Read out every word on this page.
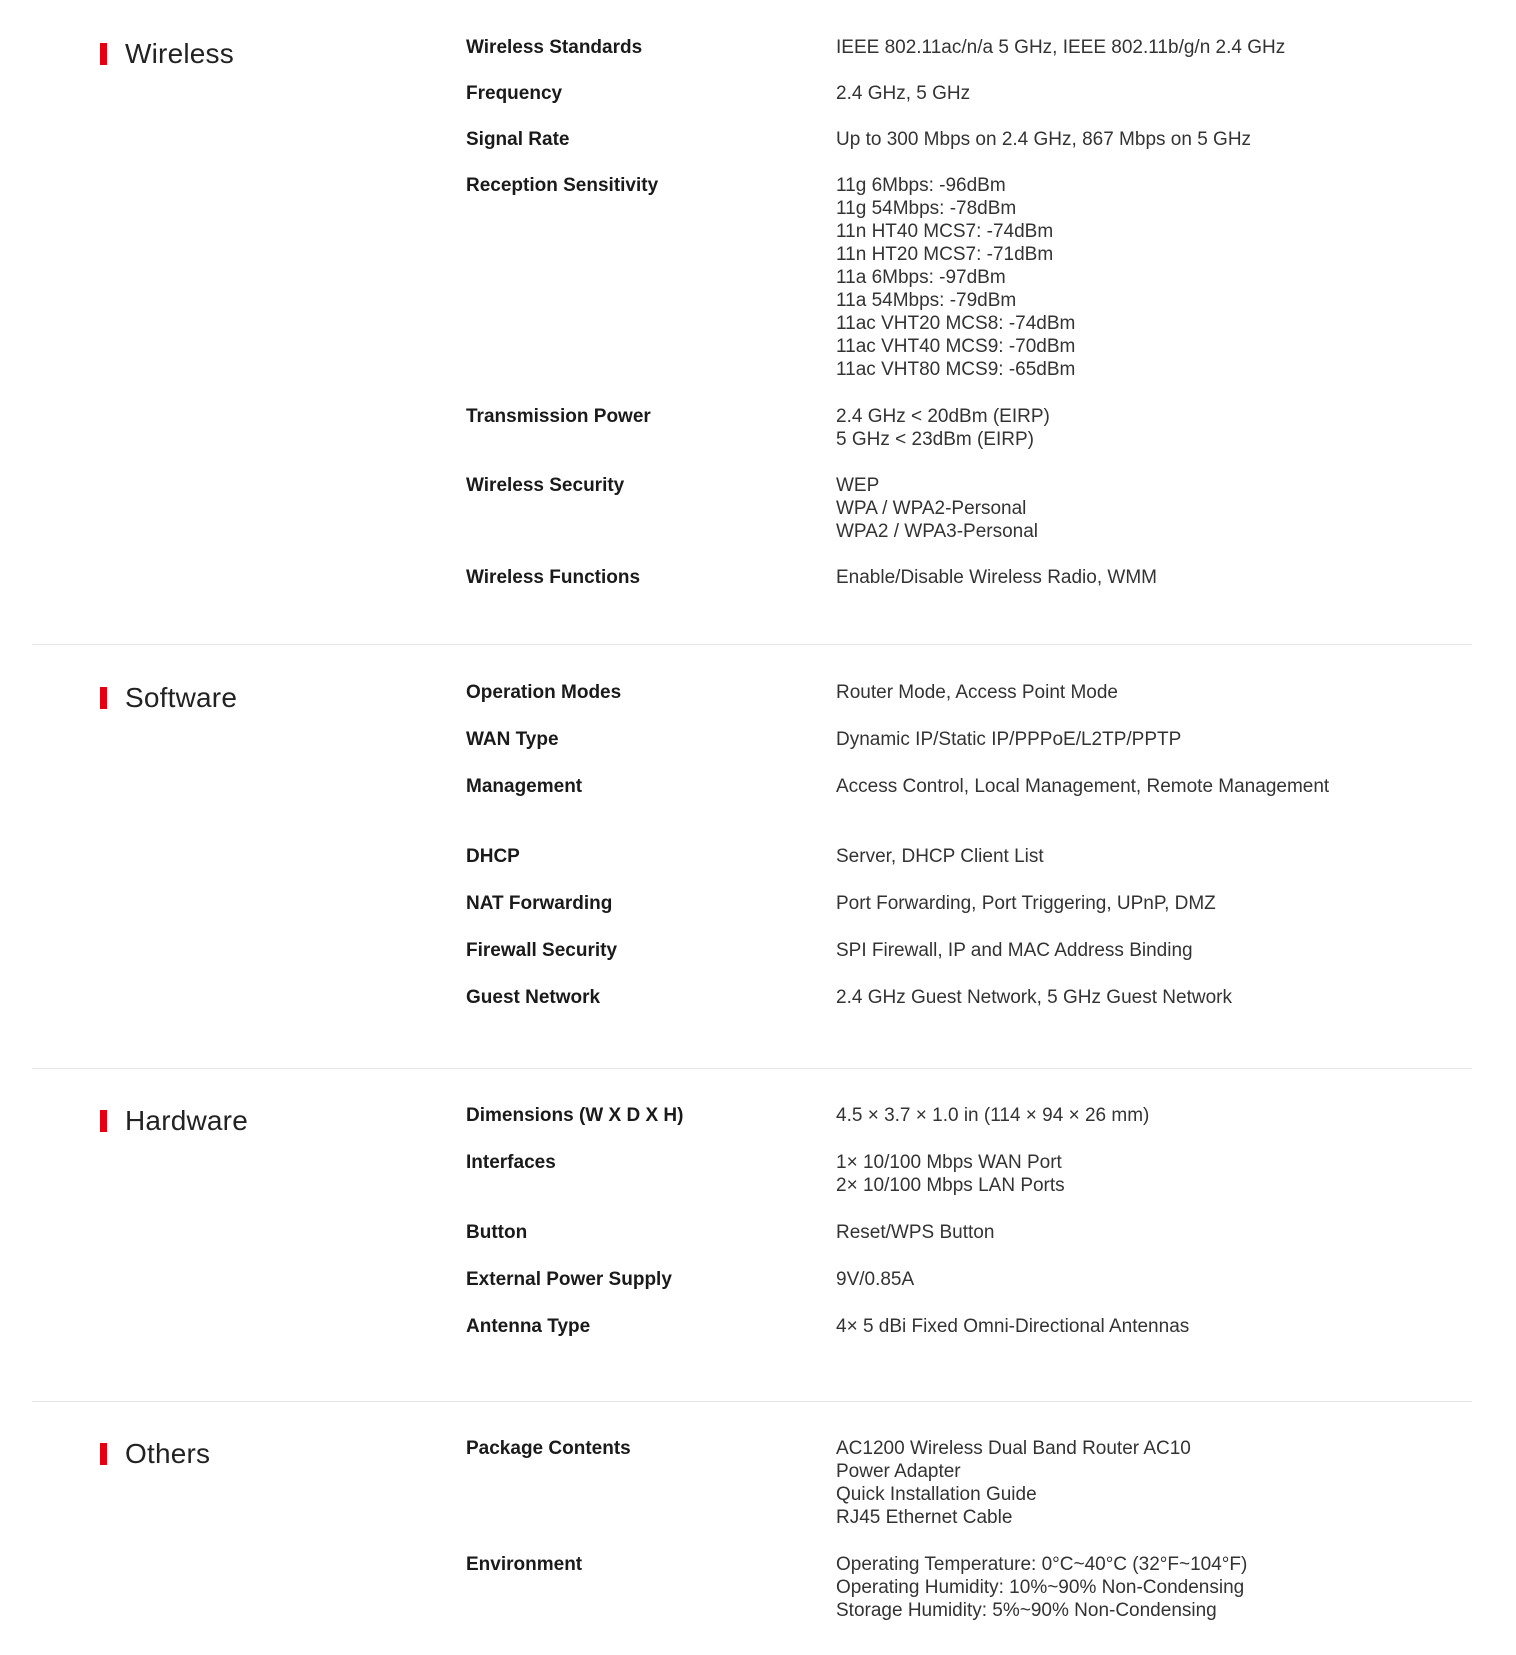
Wireless	Wireless Standards	IEEE 802.11ac/n/a 5 GHz, IEEE 802.11b/g/n 2.4 GHz
Frequency	2.4 GHz, 5 GHz
Signal Rate	Up to 300 Mbps on 2.4 GHz, 867 Mbps on 5 GHz
Reception Sensitivity	11g 6Mbps: -96dBm
11g 54Mbps: -78dBm
11n HT40 MCS7: -74dBm
11n HT20 MCS7: -71dBm
11a 6Mbps: -97dBm
11a 54Mbps: -79dBm
11ac VHT20 MCS8: -74dBm
11ac VHT40 MCS9: -70dBm
11ac VHT80 MCS9: -65dBm
Transmission Power	2.4 GHz < 20dBm (EIRP)
5 GHz < 23dBm (EIRP)
Wireless Security	WEP
WPA / WPA2-Personal
WPA2 / WPA3-Personal
Wireless Functions	Enable/Disable Wireless Radio, WMM
Software	Operation Modes	Router Mode, Access Point Mode
WAN Type	Dynamic IP/Static IP/PPPoE/L2TP/PPTP
Management	Access Control, Local Management, Remote Management
DHCP	Server, DHCP Client List
NAT Forwarding	Port Forwarding, Port Triggering, UPnP, DMZ
Firewall Security	SPI Firewall, IP and MAC Address Binding
Guest Network	2.4 GHz Guest Network, 5 GHz Guest Network
Hardware	Dimensions (W X D X H)	4.5 × 3.7 × 1.0 in (114 × 94 × 26 mm)
Interfaces	1× 10/100 Mbps WAN Port
2× 10/100 Mbps LAN Ports
Button	Reset/WPS Button
External Power Supply	9V/0.85A
Antenna Type	4× 5 dBi Fixed Omni-Directional Antennas
Others	Package Contents	AC1200 Wireless Dual Band Router AC10
Power Adapter
Quick Installation Guide
RJ45 Ethernet Cable
Environment	Operating Temperature: 0°C~40°C (32°F~104°F)
Operating Humidity: 10%~90% Non-Condensing
Storage Humidity: 5%~90% Non-Condensing
